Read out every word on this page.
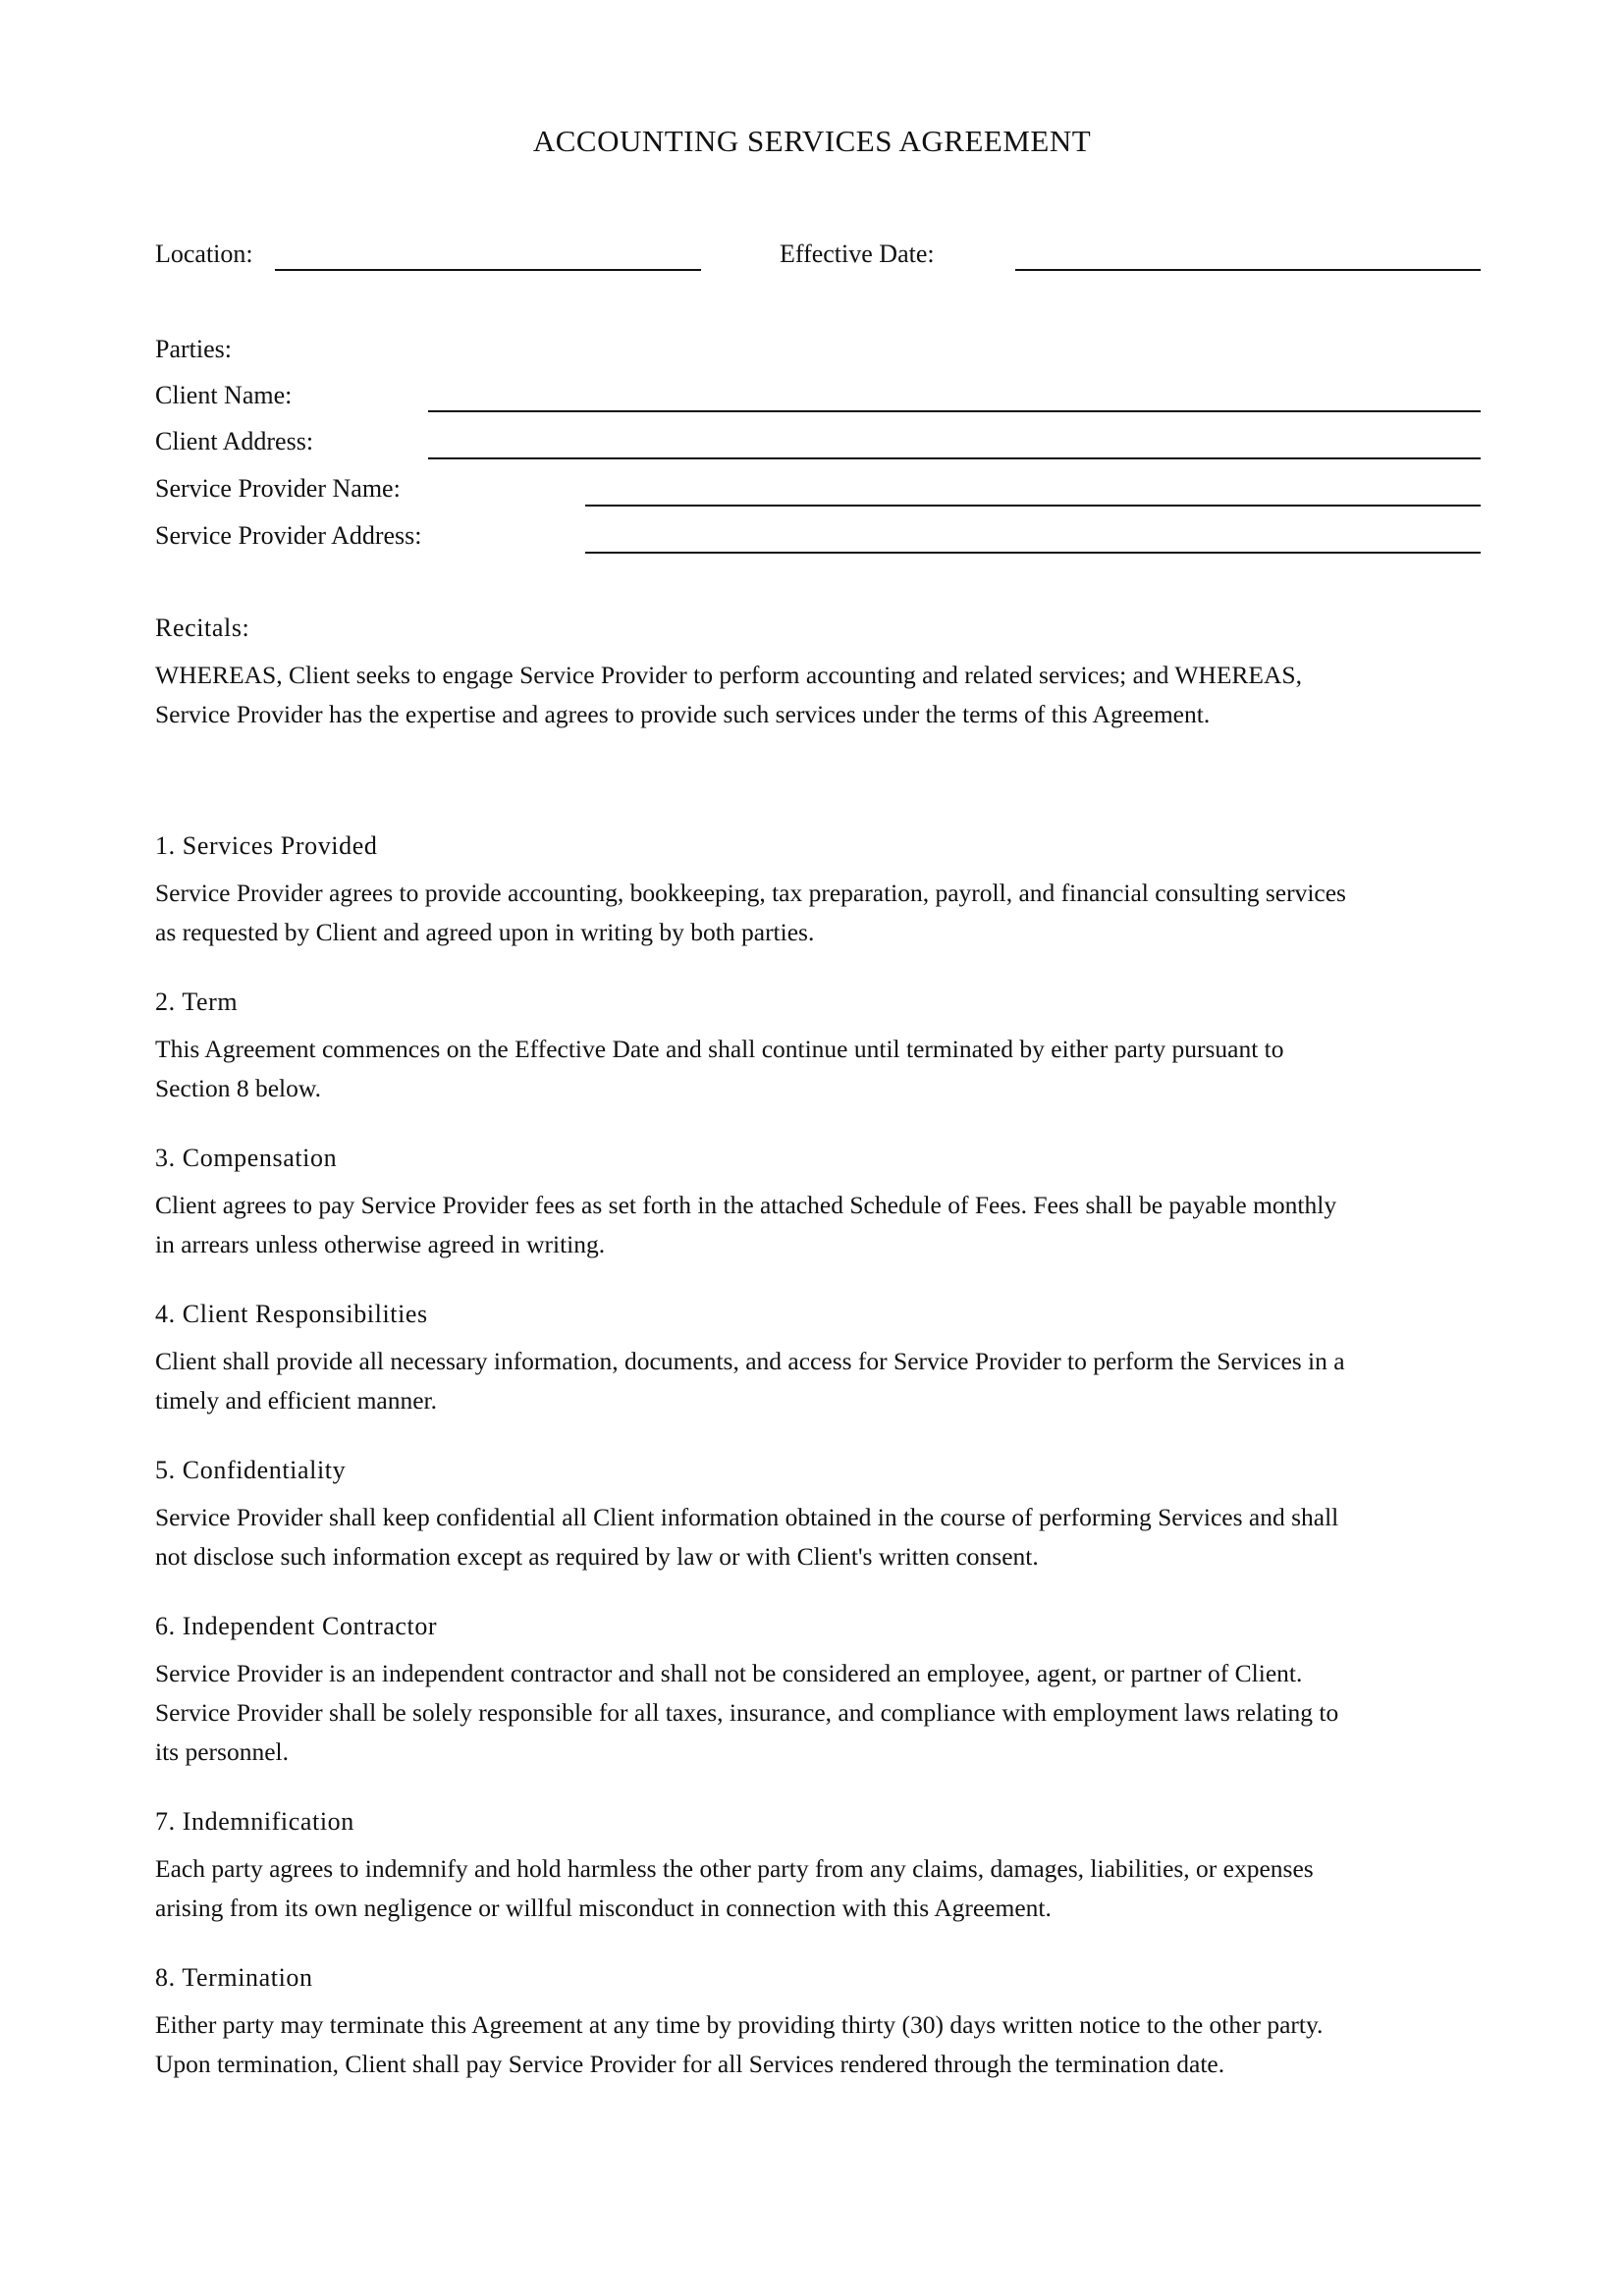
ACCOUNTING SERVICES AGREEMENT
Location:	Effective Date:
Parties:
Client Name:
Client Address:
Service Provider Name:
Service Provider Address:
Recitals:
WHEREAS, Client seeks to engage Service Provider to perform accounting and related services; and WHEREAS,
Service Provider has the expertise and agrees to provide such services under the terms of this Agreement.
1. Services Provided
Service Provider agrees to provide accounting, bookkeeping, tax preparation, payroll, and financial consulting services
as requested by Client and agreed upon in writing by both parties.
2. Term
This Agreement commences on the Effective Date and shall continue until terminated by either party pursuant to
Section 8 below.
3. Compensation
Client agrees to pay Service Provider fees as set forth in the attached Schedule of Fees. Fees shall be payable monthly
in arrears unless otherwise agreed in writing.
4. Client Responsibilities
Client shall provide all necessary information, documents, and access for Service Provider to perform the Services in a
timely and efficient manner.
5. Confidentiality
Service Provider shall keep confidential all Client information obtained in the course of performing Services and shall
not disclose such information except as required by law or with Client's written consent.
6. Independent Contractor
Service Provider is an independent contractor and shall not be considered an employee, agent, or partner of Client.
Service Provider shall be solely responsible for all taxes, insurance, and compliance with employment laws relating to
its personnel.
7. Indemnification
Each party agrees to indemnify and hold harmless the other party from any claims, damages, liabilities, or expenses
arising from its own negligence or willful misconduct in connection with this Agreement.
8. Termination
Either party may terminate this Agreement at any time by providing thirty (30) days written notice to the other party.
Upon termination, Client shall pay Service Provider for all Services rendered through the termination date.
